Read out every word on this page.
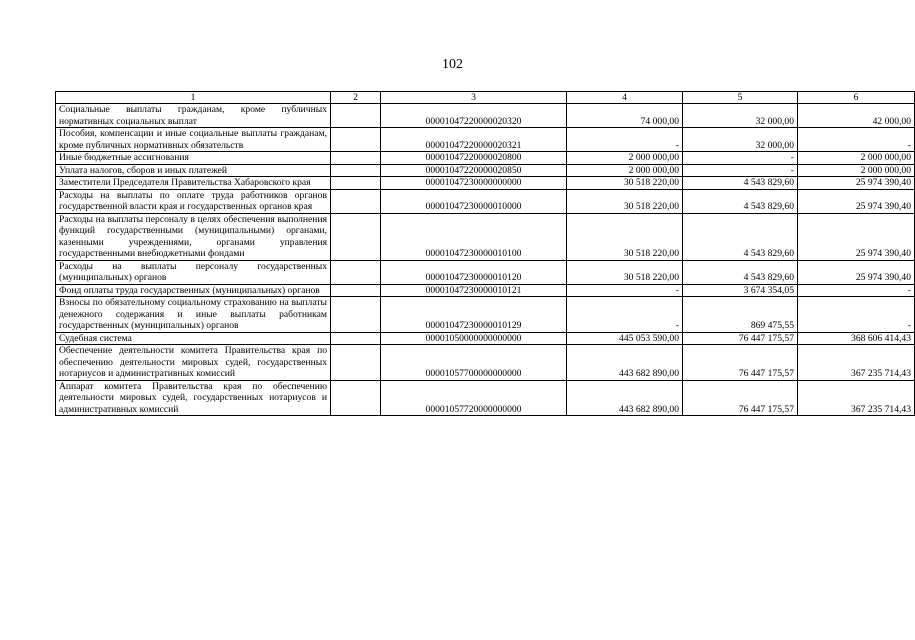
102
1	2	3	4	5	6
Социальные выплаты гражданам, кроме публичных нормативных социальных выплат		00001047220000020320	74 000,00	32 000,00	42 000,00
Пособия, компенсации и иные социальные выплаты гражданам, кроме публичных нормативных обязательств		00001047220000020321	-	32 000,00	-
Иные бюджетные ассигнования		00001047220000020800	2 000 000,00	-	2 000 000,00
Уплата налогов, сборов и иных платежей		00001047220000020850	2 000 000,00	-	2 000 000,00
Заместители Председателя Правительства Хабаровского края		00001047230000000000	30 518 220,00	4 543 829,60	25 974 390,40
Расходы на выплаты по оплате труда работников органов государственной власти края и государственных органов края		00001047230000010000	30 518 220,00	4 543 829,60	25 974 390,40
Расходы на выплаты персоналу в целях обеспечения выполнения функций государственными (муниципальными) органами, казенными учреждениями, органами управления государственными внебюджетными фондами		00001047230000010100	30 518 220,00	4 543 829,60	25 974 390,40
Расходы на выплаты персоналу государственных (муниципальных) органов		00001047230000010120	30 518 220,00	4 543 829,60	25 974 390,40
Фонд оплаты труда государственных (муниципальных) органов		00001047230000010121	-	3 674 354,05	-
Взносы по обязательному социальному страхованию на выплаты денежного содержания и иные выплаты работникам государственных (муниципальных) органов		00001047230000010129	-	869 475,55	-
Судебная система		00001050000000000000	445 053 590,00	76 447 175,57	368 606 414,43
Обеспечение деятельности комитета Правительства края по обеспечению деятельности мировых судей, государственных нотариусов и административных комиссий		00001057700000000000	443 682 890,00	76 447 175,57	367 235 714,43
Аппарат комитета Правительства края по обеспечению деятельности мировых судей, государственных нотариусов и административных комиссий		00001057720000000000	443 682 890,00	76 447 175,57	367 235 714,43
